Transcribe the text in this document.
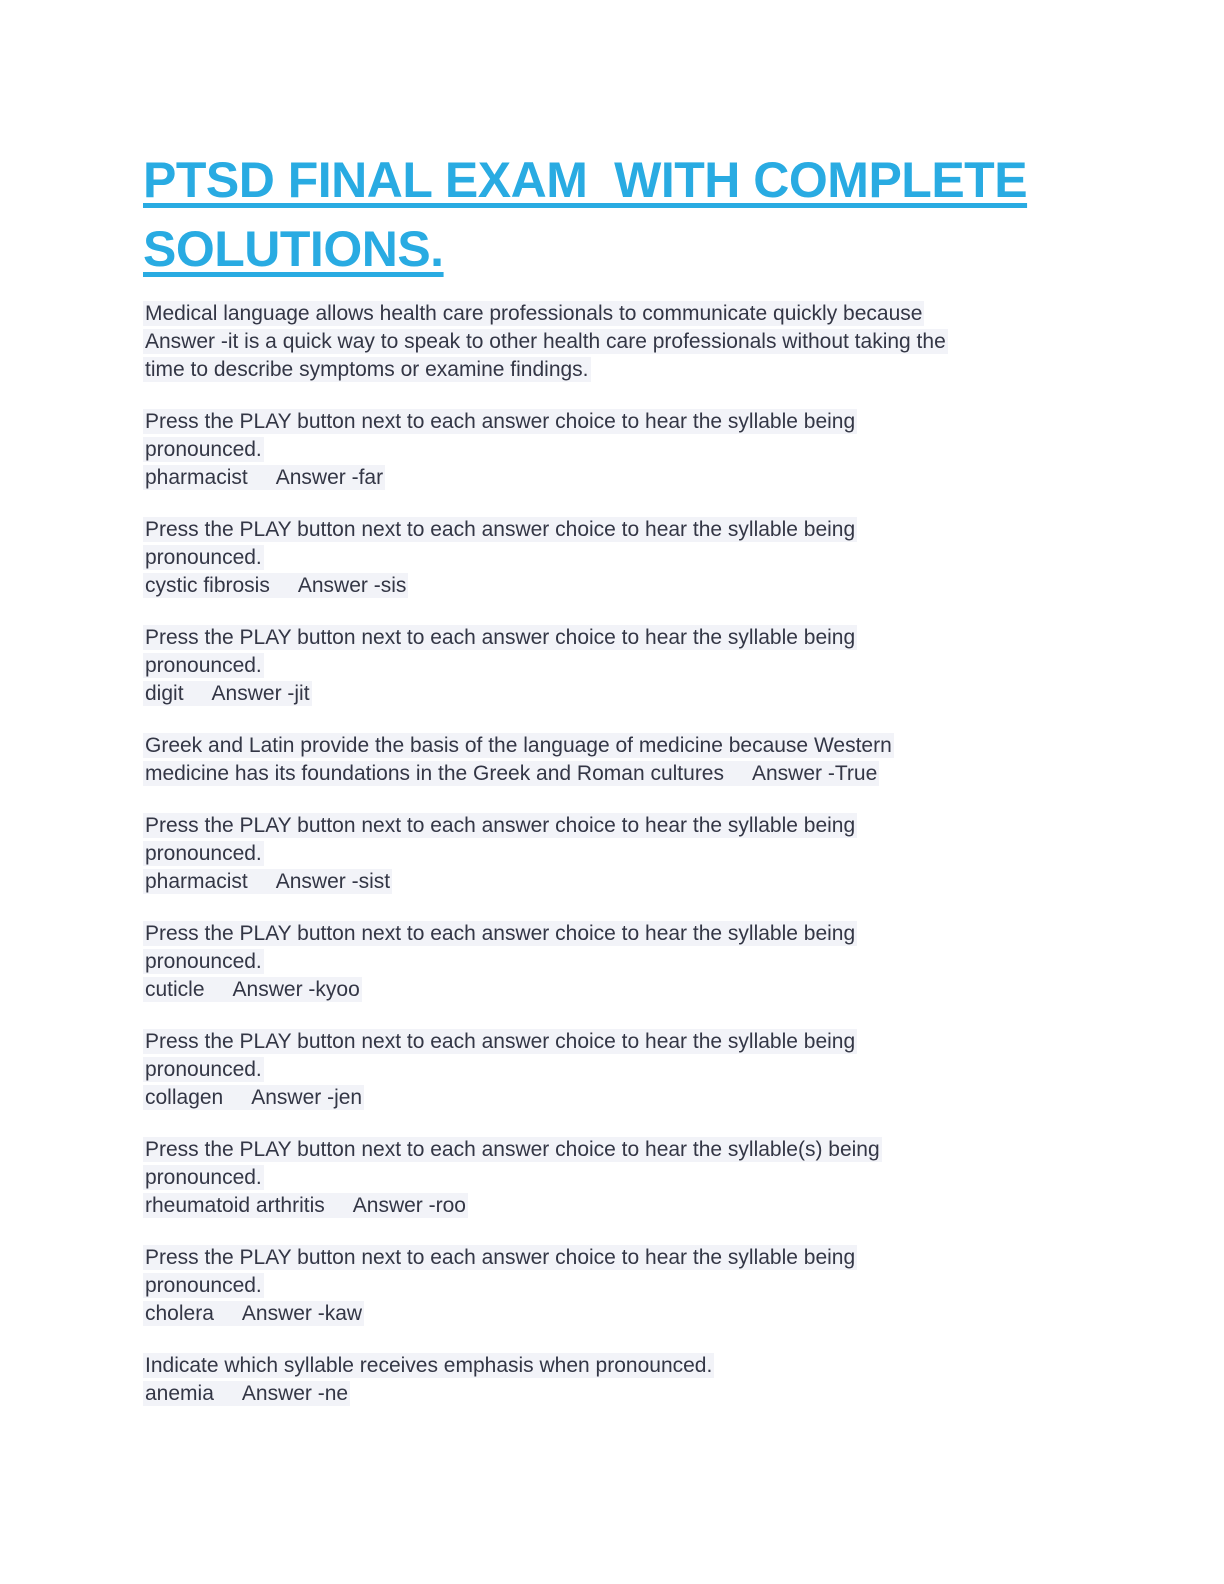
PTSD FINAL EXAM  WITH COMPLETE
SOLUTIONS.
Medical language allows health care professionals to communicate quickly because
Answer -it is a quick way to speak to other health care professionals without taking the
time to describe symptoms or examine findings.
Press the PLAY button next to each answer choice to hear the syllable being
pronounced.
pharmacist     Answer -far
Press the PLAY button next to each answer choice to hear the syllable being
pronounced.
cystic fibrosis     Answer -sis
Press the PLAY button next to each answer choice to hear the syllable being
pronounced.
digit     Answer -jit
Greek and Latin provide the basis of the language of medicine because Western
medicine has its foundations in the Greek and Roman cultures     Answer -True
Press the PLAY button next to each answer choice to hear the syllable being
pronounced.
pharmacist     Answer -sist
Press the PLAY button next to each answer choice to hear the syllable being
pronounced.
cuticle     Answer -kyoo
Press the PLAY button next to each answer choice to hear the syllable being
pronounced.
collagen     Answer -jen
Press the PLAY button next to each answer choice to hear the syllable(s) being
pronounced.
rheumatoid arthritis     Answer -roo
Press the PLAY button next to each answer choice to hear the syllable being
pronounced.
cholera     Answer -kaw
Indicate which syllable receives emphasis when pronounced.
anemia     Answer -ne
